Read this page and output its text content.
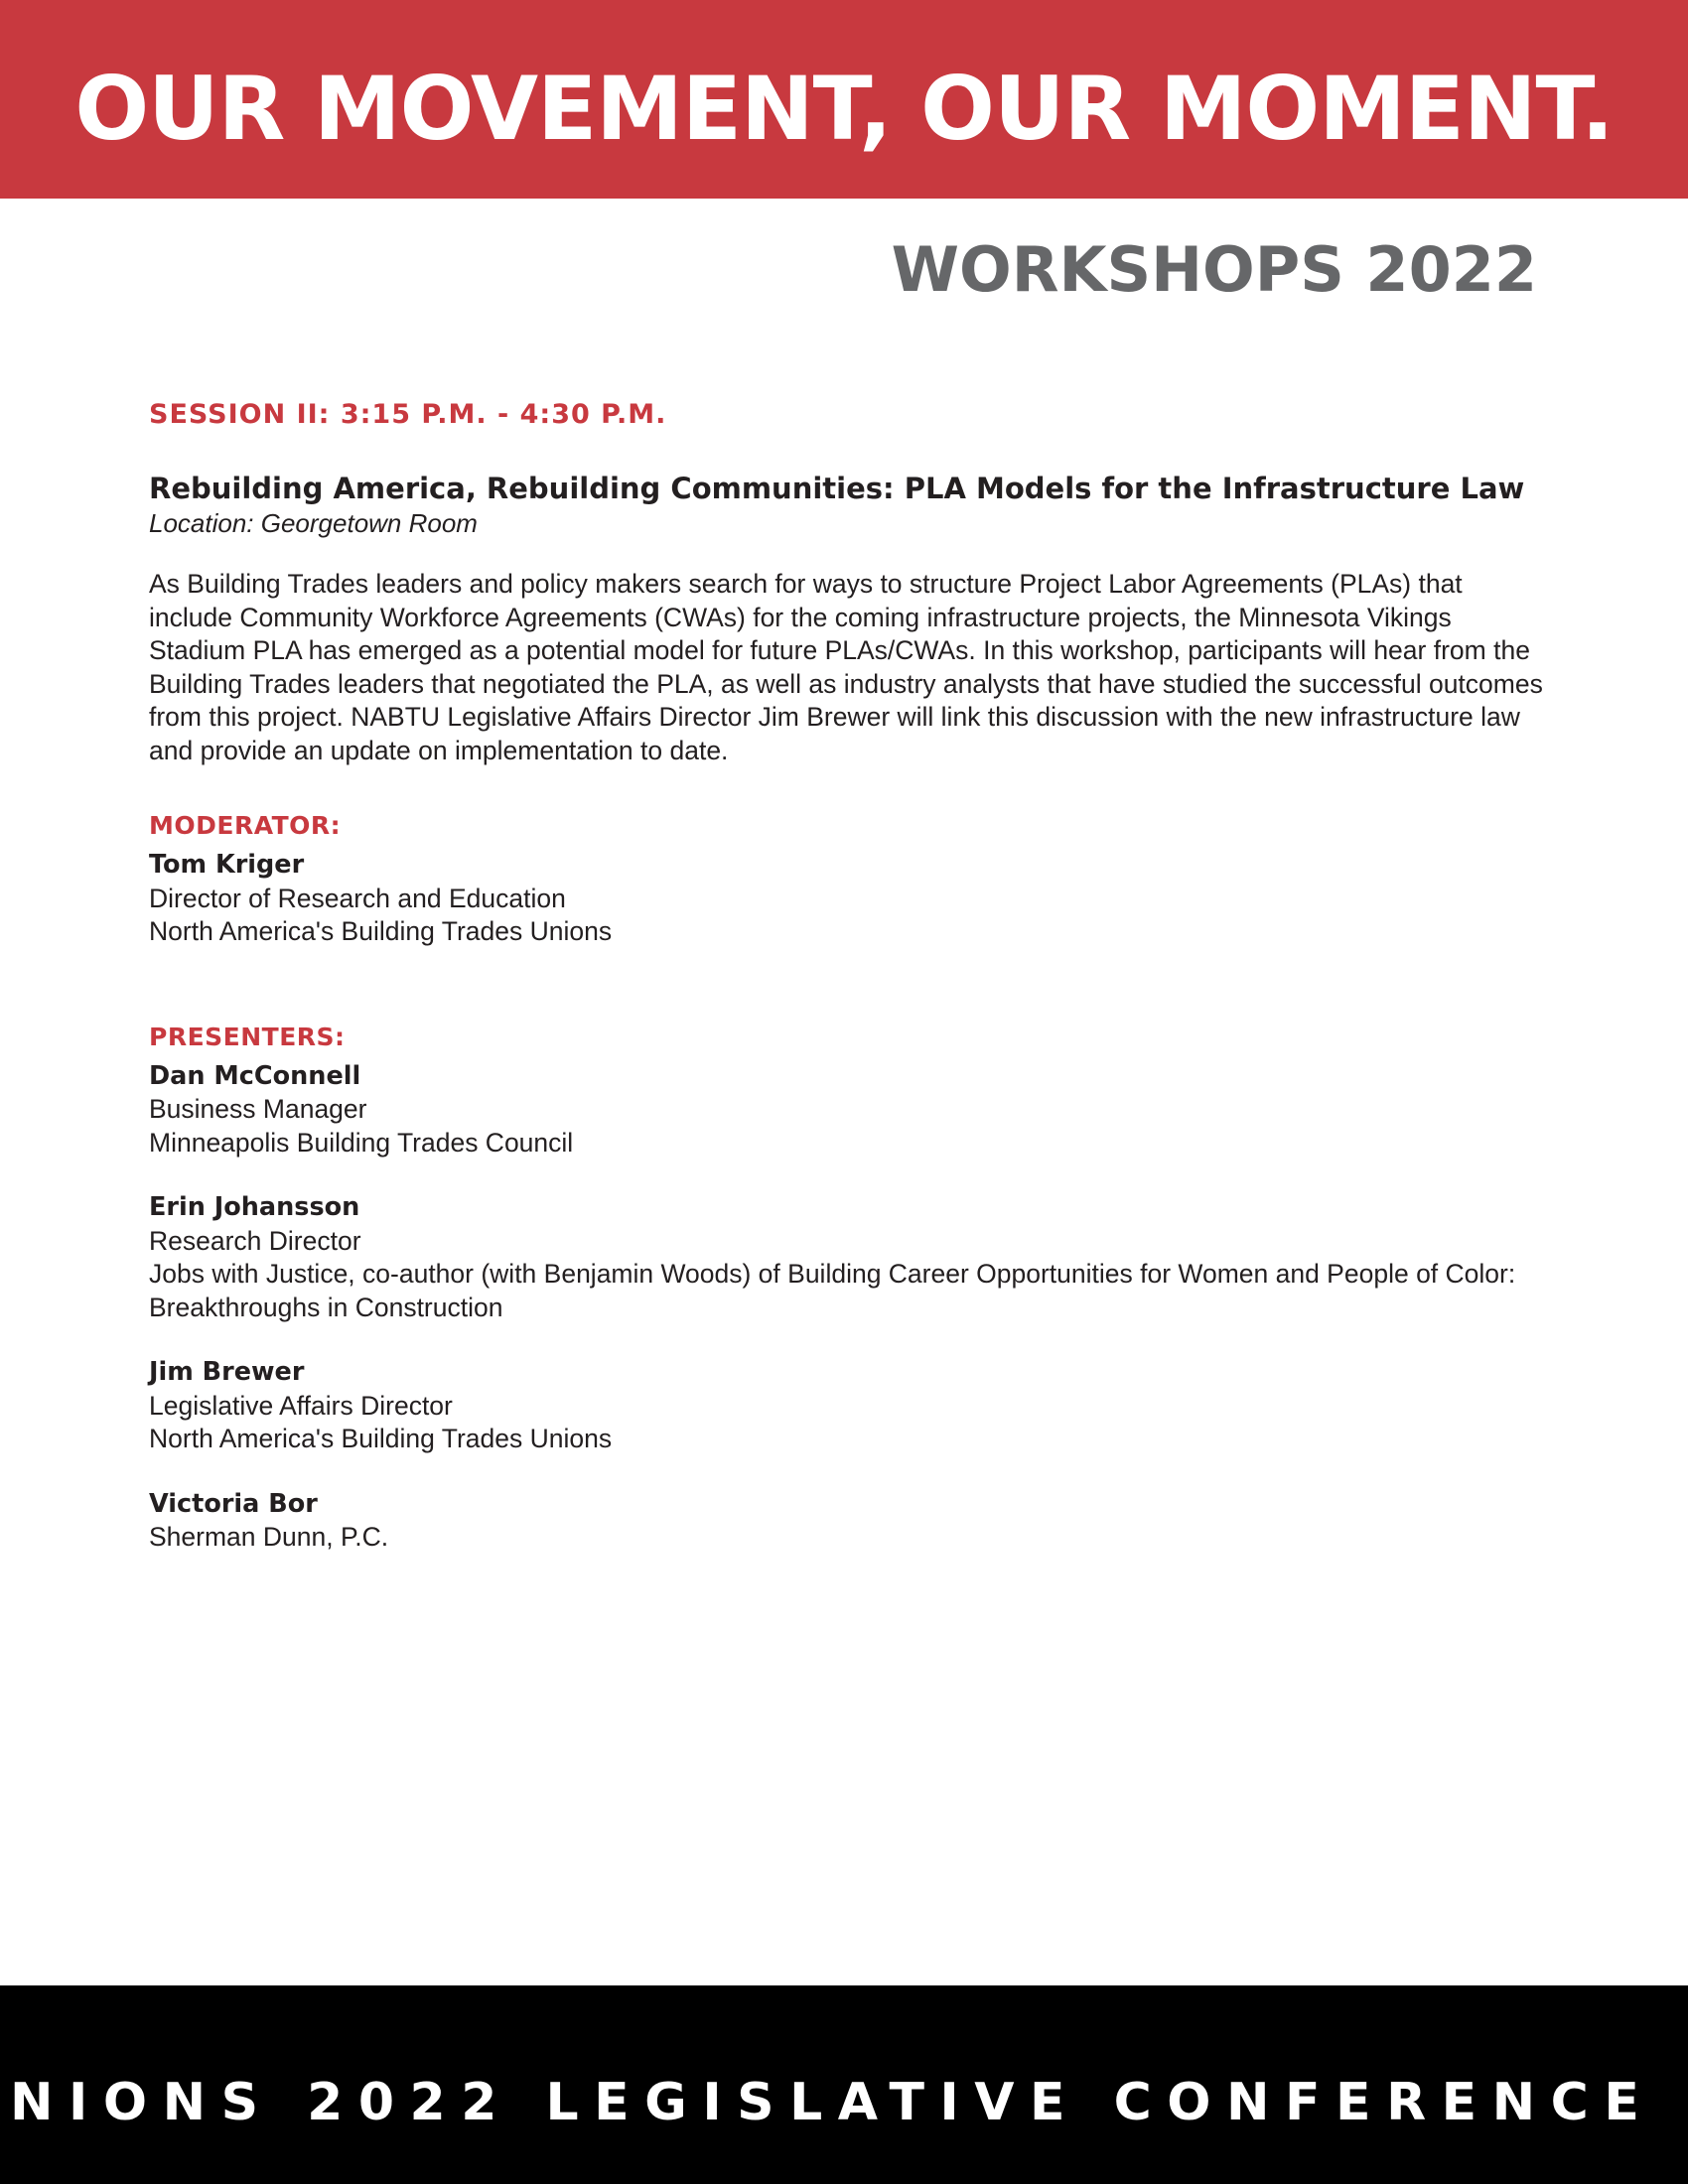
OUR MOVEMENT, OUR MOMENT.
WORKSHOPS 2022
SESSION II: 3:15 P.M. - 4:30 P.M.
Rebuilding America, Rebuilding Communities: PLA Models for the Infrastructure Law
Location: Georgetown Room
As Building Trades leaders and policy makers search for ways to structure Project Labor Agreements (PLAs) that include Community Workforce Agreements (CWAs) for the coming infrastructure projects, the Minnesota Vikings Stadium PLA has emerged as a potential model for future PLAs/CWAs. In this workshop, participants will hear from the Building Trades leaders that negotiated the PLA, as well as industry analysts that have studied the successful outcomes from this project. NABTU Legislative Affairs Director Jim Brewer will link this discussion with the new infrastructure law and provide an update on implementation to date.
MODERATOR:
Tom Kriger
Director of Research and Education
North America's Building Trades Unions
PRESENTERS:
Dan McConnell
Business Manager
Minneapolis Building Trades Council
Erin Johansson
Research Director
Jobs with Justice, co-author (with Benjamin Woods) of Building Career Opportunities for Women and People of Color: Breakthroughs in Construction
Jim Brewer
Legislative Affairs Director
North America's Building Trades Unions
Victoria Bor
Sherman Dunn, P.C.
NIONS 2022 LEGISLATIVE CONFERENCE
